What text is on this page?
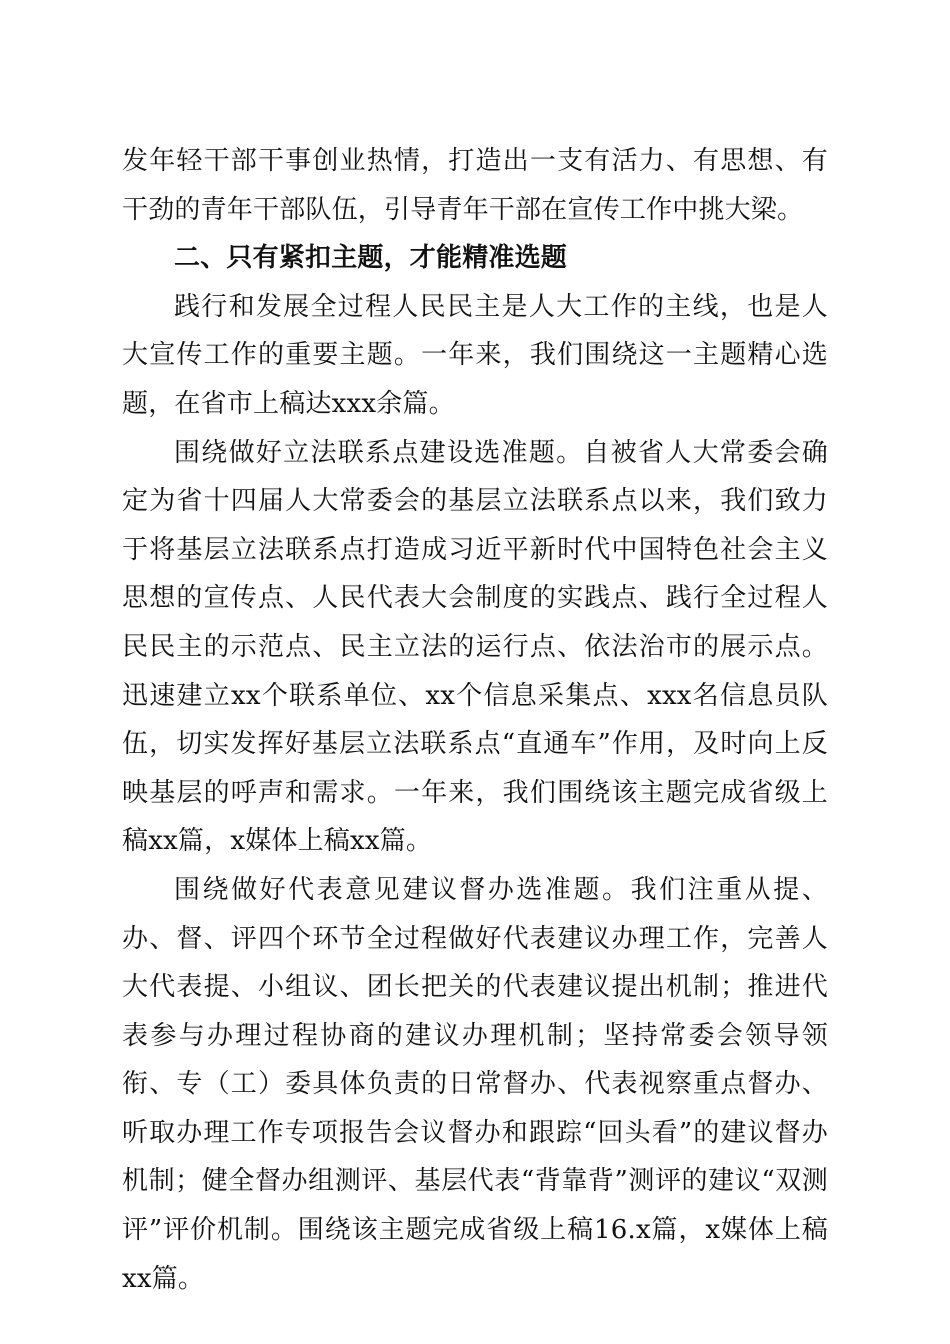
发年轻干部干事创业热情，打造出一支有活力、有思想、有干劲的青年干部队伍，引导青年干部在宣传工作中挑大梁。

二、只有紧扣主题，才能精准选题

践行和发展全过程人民民主是人大工作的主线，也是人大宣传工作的重要主题。一年来，我们围绕这一主题精心选题，在省市上稿达xxx余篇。

围绕做好立法联系点建设选准题。自被省人大常委会确定为省十四届人大常委会的基层立法联系点以来，我们致力于将基层立法联系点打造成习近平新时代中国特色社会主义思想的宣传点、人民代表大会制度的实践点、践行全过程人民民主的示范点、民主立法的运行点、依法治市的展示点。迅速建立xx个联系单位、xx个信息采集点、xxx名信息员队伍，切实发挥好基层立法联系点“直通车”作用，及时向上反映基层的呼声和需求。一年来，我们围绕该主题完成省级上稿xx篇，x媒体上稿xx篇。

围绕做好代表意见建议督办选准题。我们注重从提、办、督、评四个环节全过程做好代表建议办理工作，完善人大代表提、小组议、团长把关的代表建议提出机制；推进代表参与办理过程协商的建议办理机制；坚持常委会领导领衔、专（工）委具体负责的日常督办、代表视察重点督办、听取办理工作专项报告会议督办和跟踪“回头看”的建议督办机制；健全督办组测评、基层代表“背靠背”测评的建议“双测评”评价机制。围绕该主题完成省级上稿16.x篇，x媒体上稿xx篇。
